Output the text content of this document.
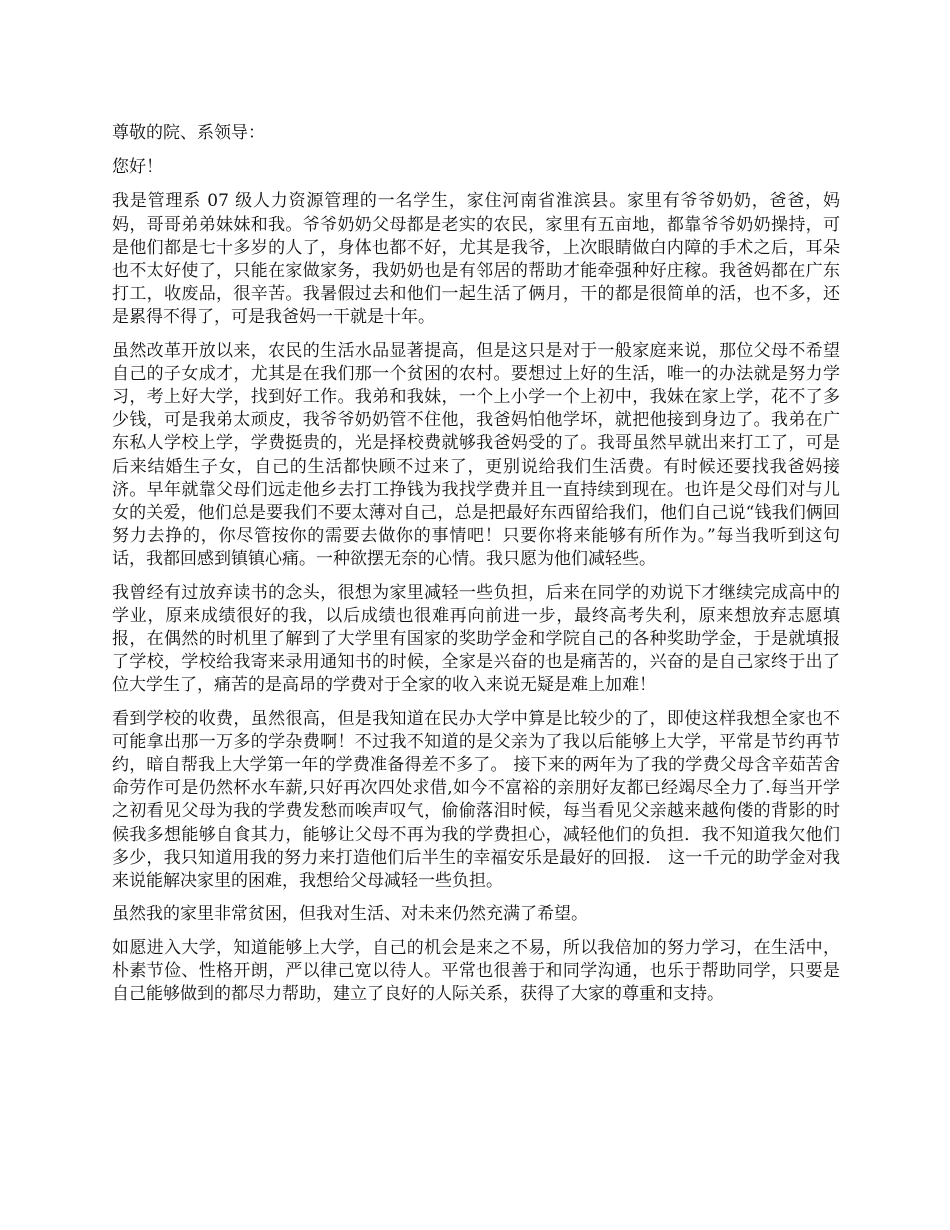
尊敬的院、系领导：

您好！

我是管理系 07 级人力资源管理的一名学生，家住河南省淮滨县。家里有爷爷奶奶，爸爸，妈妈，哥哥弟弟妹妹和我。爷爷奶奶父母都是老实的农民，家里有五亩地，都靠爷爷奶奶操持，可是他们都是七十多岁的人了，身体也都不好，尤其是我爷，上次眼睛做白内障的手术之后，耳朵也不太好使了，只能在家做家务，我奶奶也是有邻居的帮助才能牵强种好庄稼。我爸妈都在广东打工，收废品，很辛苦。我暑假过去和他们一起生活了俩月，干的都是很简单的活，也不多，还是累得不得了，可是我爸妈一干就是十年。

虽然改革开放以来，农民的生活水品显著提高，但是这只是对于一般家庭来说，那位父母不希望自己的子女成才，尤其是在我们那一个贫困的农村。要想过上好的生活，唯一的办法就是努力学习，考上好大学，找到好工作。我弟和我妹，一个上小学一个上初中，我妹在家上学，花不了多少钱，可是我弟太顽皮，我爷爷奶奶管不住他，我爸妈怕他学坏，就把他接到身边了。我弟在广东私人学校上学，学费挺贵的，光是择校费就够我爸妈受的了。我哥虽然早就出来打工了，可是后来结婚生子女，自己的生活都快顾不过来了，更别说给我们生活费。有时候还要找我爸妈接济。早年就靠父母们远走他乡去打工挣钱为我找学费并且一直持续到现在。也许是父母们对与儿女的关爱，他们总是要我们不要太薄对自己，总是把最好东西留给我们，他们自己说“钱我们俩回努力去挣的，你尽管按你的需要去做你的事情吧！只要你将来能够有所作为。”每当我听到这句话，我都回感到镇镇心痛。一种欲摆无奈的心情。我只愿为他们减轻些。

我曾经有过放弃读书的念头，很想为家里减轻一些负担，后来在同学的劝说下才继续完成高中的学业，原来成绩很好的我，以后成绩也很难再向前进一步，最终高考失利，原来想放弃志愿填报，在偶然的时机里了解到了大学里有国家的奖助学金和学院自己的各种奖助学金，于是就填报了学校，学校给我寄来录用通知书的时候，全家是兴奋的也是痛苦的，兴奋的是自己家终于出了位大学生了，痛苦的是高昂的学费对于全家的收入来说无疑是难上加难！

看到学校的收费，虽然很高，但是我知道在民办大学中算是比较少的了，即使这样我想全家也不可能拿出那一万多的学杂费啊！不过我不知道的是父亲为了我以后能够上大学，平常是节约再节约，暗自帮我上大学第一年的学费准备得差不多了。 接下来的两年为了我的学费父母含辛茹苦舍命劳作可是仍然杯水车薪,只好再次四处求借,如今不富裕的亲朋好友都已经竭尽全力了.每当开学之初看见父母为我的学费发愁而唉声叹气，偷偷落泪时候，每当看见父亲越来越佝偻的背影的时候我多想能够自食其力，能够让父母不再为我的学费担心，减轻他们的负担．我不知道我欠他们多少，我只知道用我的努力来打造他们后半生的幸福安乐是最好的回报． 这一千元的助学金对我来说能解决家里的困难，我想给父母减轻一些负担。

虽然我的家里非常贫困，但我对生活、对未来仍然充满了希望。

如愿进入大学，知道能够上大学，自己的机会是来之不易，所以我倍加的努力学习，在生活中，朴素节俭、性格开朗，严以律己宽以待人。平常也很善于和同学沟通，也乐于帮助同学，只要是自己能够做到的都尽力帮助，建立了良好的人际关系，获得了大家的尊重和支持。
